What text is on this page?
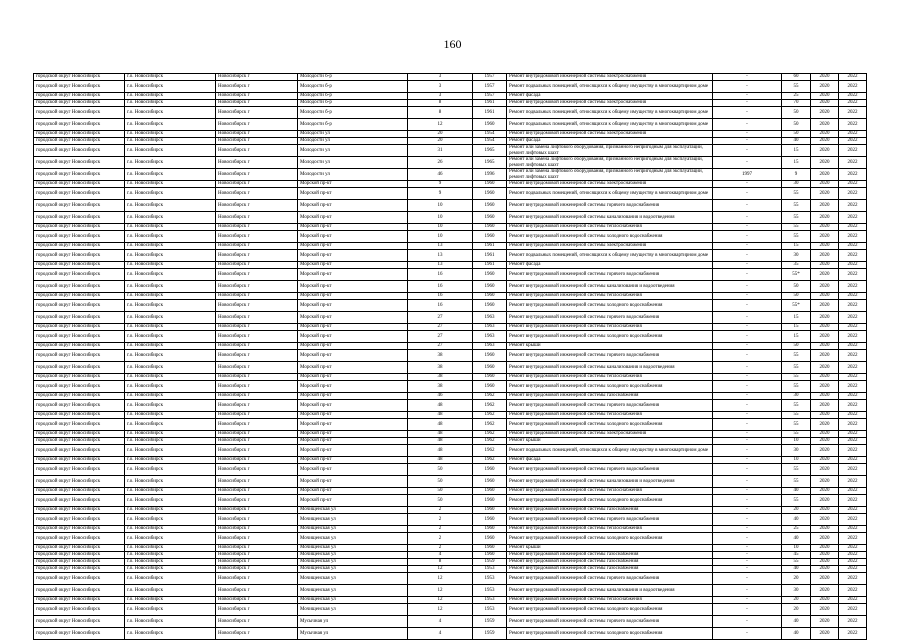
160
городской округ Новосибирск	г.о. Новосибирск	Новосибирск г	Молодости б-р	3	1957	Ремонт внутридомовой инженерной системы электроснабжения	-	60	2020	2022
городской округ Новосибирск	г.о. Новосибирск	Новосибирск г	Молодости б-р	3	1957	Ремонт подвальных помещений, относящихся к общему имуществу в многоквартирном доме	-	55	2020	2022
городской округ Новосибирск	г.о. Новосибирск	Новосибирск г	Молодости б-р	3	1957	Ремонт фасада	-	25	2020	2022
городской округ Новосибирск	г.о. Новосибирск	Новосибирск г	Молодости б-р	8	1961	Ремонт внутридомовой инженерной системы электроснабжения	-	70	2020	2022
городской округ Новосибирск	г.о. Новосибирск	Новосибирск г	Молодости б-р	8	1961	Ремонт подвальных помещений, относящихся к общему имуществу в многоквартирном доме	-	50	2020	2022
городской округ Новосибирск	г.о. Новосибирск	Новосибирск г	Молодости б-р	12	1960	Ремонт подвальных помещений, относящихся к общему имуществу в многоквартирном доме	-	50	2020	2022
городской округ Новосибирск	г.о. Новосибирск	Новосибирск г	Молодости ул	20	1954	Ремонт внутридомовой инженерной системы электроснабжения	-	50	2020	2022
городской округ Новосибирск	г.о. Новосибирск	Новосибирск г	Молодости ул	20	1954	Ремонт фасада	-	40	2020	2022
городской округ Новосибирск	г.о. Новосибирск	Новосибирск г	Молодости ул	31	1965	Ремонт или замена лифтового оборудования, признанного непригодным для эксплуатации, ремонт лифтовых шахт	-	15	2020	2022
городской округ Новосибирск	г.о. Новосибирск	Новосибирск г	Молодости ул	26	1965	Ремонт или замена лифтового оборудования, признанного непригодным для эксплуатации, ремонт лифтовых шахт	-	15	2020	2022
городской округ Новосибирск	г.о. Новосибирск	Новосибирск г	Молодости ул	46	1996	Ремонт или замена лифтового оборудования, признанного непригодным для эксплуатации, ремонт лифтовых шахт	1997	9	2020	2022
городской округ Новосибирск	г.о. Новосибирск	Новосибирск г	Морской пр-кт	9	1960	Ремонт внутридомовой инженерной системы электроснабжения	-	30	2020	2022
городской округ Новосибирск	г.о. Новосибирск	Новосибирск г	Морской пр-кт	9	1960	Ремонт подвальных помещений, относящихся к общему имуществу в многоквартирном доме	-	55	2020	2022
городской округ Новосибирск	г.о. Новосибирск	Новосибирск г	Морской пр-кт	10	1960	Ремонт внутридомовой инженерной системы горячего водоснабжения	-	55	2020	2022
городской округ Новосибирск	г.о. Новосибирск	Новосибирск г	Морской пр-кт	10	1960	Ремонт внутридомовой инженерной системы канализования и водоотведения	-	55	2020	2022
городской округ Новосибирск	г.о. Новосибирск	Новосибирск г	Морской пр-кт	10	1960	Ремонт внутридомовой инженерной системы теплоснабжения	-	55	2020	2022
городской округ Новосибирск	г.о. Новосибирск	Новосибирск г	Морской пр-кт	10	1960	Ремонт внутридомовой инженерной системы холодного водоснабжения	-	55	2020	2022
городской округ Новосибирск	г.о. Новосибирск	Новосибирск г	Морской пр-кт	13	1961	Ремонт внутридомовой инженерной системы электроснабжения	-	15	2020	2022
городской округ Новосибирск	г.о. Новосибирск	Новосибирск г	Морской пр-кт	13	1961	Ремонт подвальных помещений, относящихся к общему имуществу в многоквартирном доме	-	30	2020	2022
городской округ Новосибирск	г.о. Новосибирск	Новосибирск г	Морской пр-кт	13	1961	Ремонт фасада	-	35	2020	2022
городской округ Новосибирск	г.о. Новосибирск	Новосибирск г	Морской пр-кт	16	1960	Ремонт внутридомовой инженерной системы горячего водоснабжения	-	55*	2020	2022
городской округ Новосибирск	г.о. Новосибирск	Новосибирск г	Морской пр-кт	16	1960	Ремонт внутридомовой инженерной системы канализования и водоотведения	-	50	2020	2022
городской округ Новосибирск	г.о. Новосибирск	Новосибирск г	Морской пр-кт	16	1960	Ремонт внутридомовой инженерной системы теплоснабжения	-	50	2020	2022
городской округ Новосибирск	г.о. Новосибирск	Новосибирск г	Морской пр-кт	16	1960	Ремонт внутридомовой инженерной системы холодного водоснабжения	-	55*	2020	2022
городской округ Новосибирск	г.о. Новосибирск	Новосибирск г	Морской пр-кт	27	1963	Ремонт внутридомовой инженерной системы горячего водоснабжения	-	15	2020	2022
городской округ Новосибирск	г.о. Новосибирск	Новосибирск г	Морской пр-кт	27	1963	Ремонт внутридомовой инженерной системы теплоснабжения	-	15	2020	2022
городской округ Новосибирск	г.о. Новосибирск	Новосибирск г	Морской пр-кт	27	1963	Ремонт внутридомовой инженерной системы холодного водоснабжения	-	15	2020	2022
городской округ Новосибирск	г.о. Новосибирск	Новосибирск г	Морской пр-кт	27	1963	Ремонт крыши	-	50	2020	2022
городской округ Новосибирск	г.о. Новосибирск	Новосибирск г	Морской пр-кт	38	1960	Ремонт внутридомовой инженерной системы горячего водоснабжения	-	55	2020	2022
городской округ Новосибирск	г.о. Новосибирск	Новосибирск г	Морской пр-кт	38	1960	Ремонт внутридомовой инженерной системы канализования и водоотведения	-	55	2020	2022
городской округ Новосибирск	г.о. Новосибирск	Новосибирск г	Морской пр-кт	38	1960	Ремонт внутридомовой инженерной системы теплоснабжения	-	55	2020	2022
городской округ Новосибирск	г.о. Новосибирск	Новосибирск г	Морской пр-кт	38	1960	Ремонт внутридомовой инженерной системы холодного водоснабжения	-	55	2020	2022
городской округ Новосибирск	г.о. Новосибирск	Новосибирск г	Морской пр-кт	46	1962	Ремонт внутридомовой инженерной системы газоснабжения	-	30	2020	2022
городской округ Новосибирск	г.о. Новосибирск	Новосибирск г	Морской пр-кт	48	1962	Ремонт внутридомовой инженерной системы горячего водоснабжения	-	55	2020	2022
городской округ Новосибирск	г.о. Новосибирск	Новосибирск г	Морской пр-кт	48	1962	Ремонт внутридомовой инженерной системы теплоснабжения	-	55	2020	2022
городской округ Новосибирск	г.о. Новосибирск	Новосибирск г	Морской пр-кт	48	1962	Ремонт внутридомовой инженерной системы холодного водоснабжения	-	55	2020	2022
городской округ Новосибирск	г.о. Новосибирск	Новосибирск г	Морской пр-кт	48	1962	Ремонт внутридомовой инженерной системы электроснабжения	-	55	2020	2022
городской округ Новосибирск	г.о. Новосибирск	Новосибирск г	Морской пр-кт	48	1962	Ремонт крыши	-	10	2020	2022
городской округ Новосибирск	г.о. Новосибирск	Новосибирск г	Морской пр-кт	48	1962	Ремонт подвальных помещений, относящихся к общему имуществу в многоквартирном доме	-	30	2020	2022
городской округ Новосибирск	г.о. Новосибирск	Новосибирск г	Морской пр-кт	48	1962	Ремонт фасада	-	10	2020	2022
городской округ Новосибирск	г.о. Новосибирск	Новосибирск г	Морской пр-кт	50	1960	Ремонт внутридомовой инженерной системы горячего водоснабжения	-	55	2020	2022
городской округ Новосибирск	г.о. Новосибирск	Новосибирск г	Морской пр-кт	50	1960	Ремонт внутридомовой инженерной системы канализования и водоотведения	-	55	2020	2022
городской округ Новосибирск	г.о. Новосибирск	Новосибирск г	Морской пр-кт	50	1960	Ремонт внутридомовой инженерной системы теплоснабжения	-	40	2020	2022
городской округ Новосибирск	г.о. Новосибирск	Новосибирск г	Морской пр-кт	50	1960	Ремонт внутридомовой инженерной системы холодного водоснабжения	-	55	2020	2022
городской округ Новосибирск	г.о. Новосибирск	Новосибирск г	Мочищенская ул	2	1960	Ремонт внутридомовой инженерной системы газоснабжения	-	20	2020	2022
городской округ Новосибирск	г.о. Новосибирск	Новосибирск г	Мочищенская ул	2	1960	Ремонт внутридомовой инженерной системы горячего водоснабжения	-	40	2020	2022
городской округ Новосибирск	г.о. Новосибирск	Новосибирск г	Мочищенская ул	2	1960	Ремонт внутридомовой инженерной системы теплоснабжения	-	25	2020	2022
городской округ Новосибирск	г.о. Новосибирск	Новосибирск г	Мочищенская ул	2	1960	Ремонт внутридомовой инженерной системы холодного водоснабжения	-	40	2020	2022
городской округ Новосибирск	г.о. Новосибирск	Новосибирск г	Мочищенская ул	2	1960	Ремонт крыши	-	10	2020	2022
городской округ Новосибирск	г.о. Новосибирск	Новосибирск г	Мочищенская ул	4	1960	Ремонт внутридомовой инженерной системы газоснабжения	-	45	2020	2022
городской округ Новосибирск	г.о. Новосибирск	Новосибирск г	Мочищенская ул	8	1959	Ремонт внутридомовой инженерной системы газоснабжения	-	55	2020	2022
городской округ Новосибирск	г.о. Новосибирск	Новосибирск г	Мочищенская ул	12	1953	Ремонт внутридомовой инженерной системы газоснабжения	-	40	2020	2022
городской округ Новосибирск	г.о. Новосибирск	Новосибирск г	Мочищенская ул	12	1953	Ремонт внутридомовой инженерной системы горячего водоснабжения	-	20	2020	2022
городской округ Новосибирск	г.о. Новосибирск	Новосибирск г	Мочищенская ул	12	1953	Ремонт внутридомовой инженерной системы канализования и водоотведения	-	30	2020	2022
городской округ Новосибирск	г.о. Новосибирск	Новосибирск г	Мочищенская ул	12	1953	Ремонт внутридомовой инженерной системы теплоснабжения	-	20	2020	2022
городской округ Новосибирск	г.о. Новосибирск	Новосибирск г	Мочищенская ул	12	1953	Ремонт внутридомовой инженерной системы холодного водоснабжения	-	20	2020	2022
городской округ Новосибирск	г.о. Новосибирск	Новосибирск г	Мусычная ул	4	1959	Ремонт внутридомовой инженерной системы горячего водоснабжения	-	40	2020	2022
городской округ Новосибирск	г.о. Новосибирск	Новосибирск г	Мусычная ул	4	1959	Ремонт внутридомовой инженерной системы холодного водоснабжения	-	40	2020	2022
